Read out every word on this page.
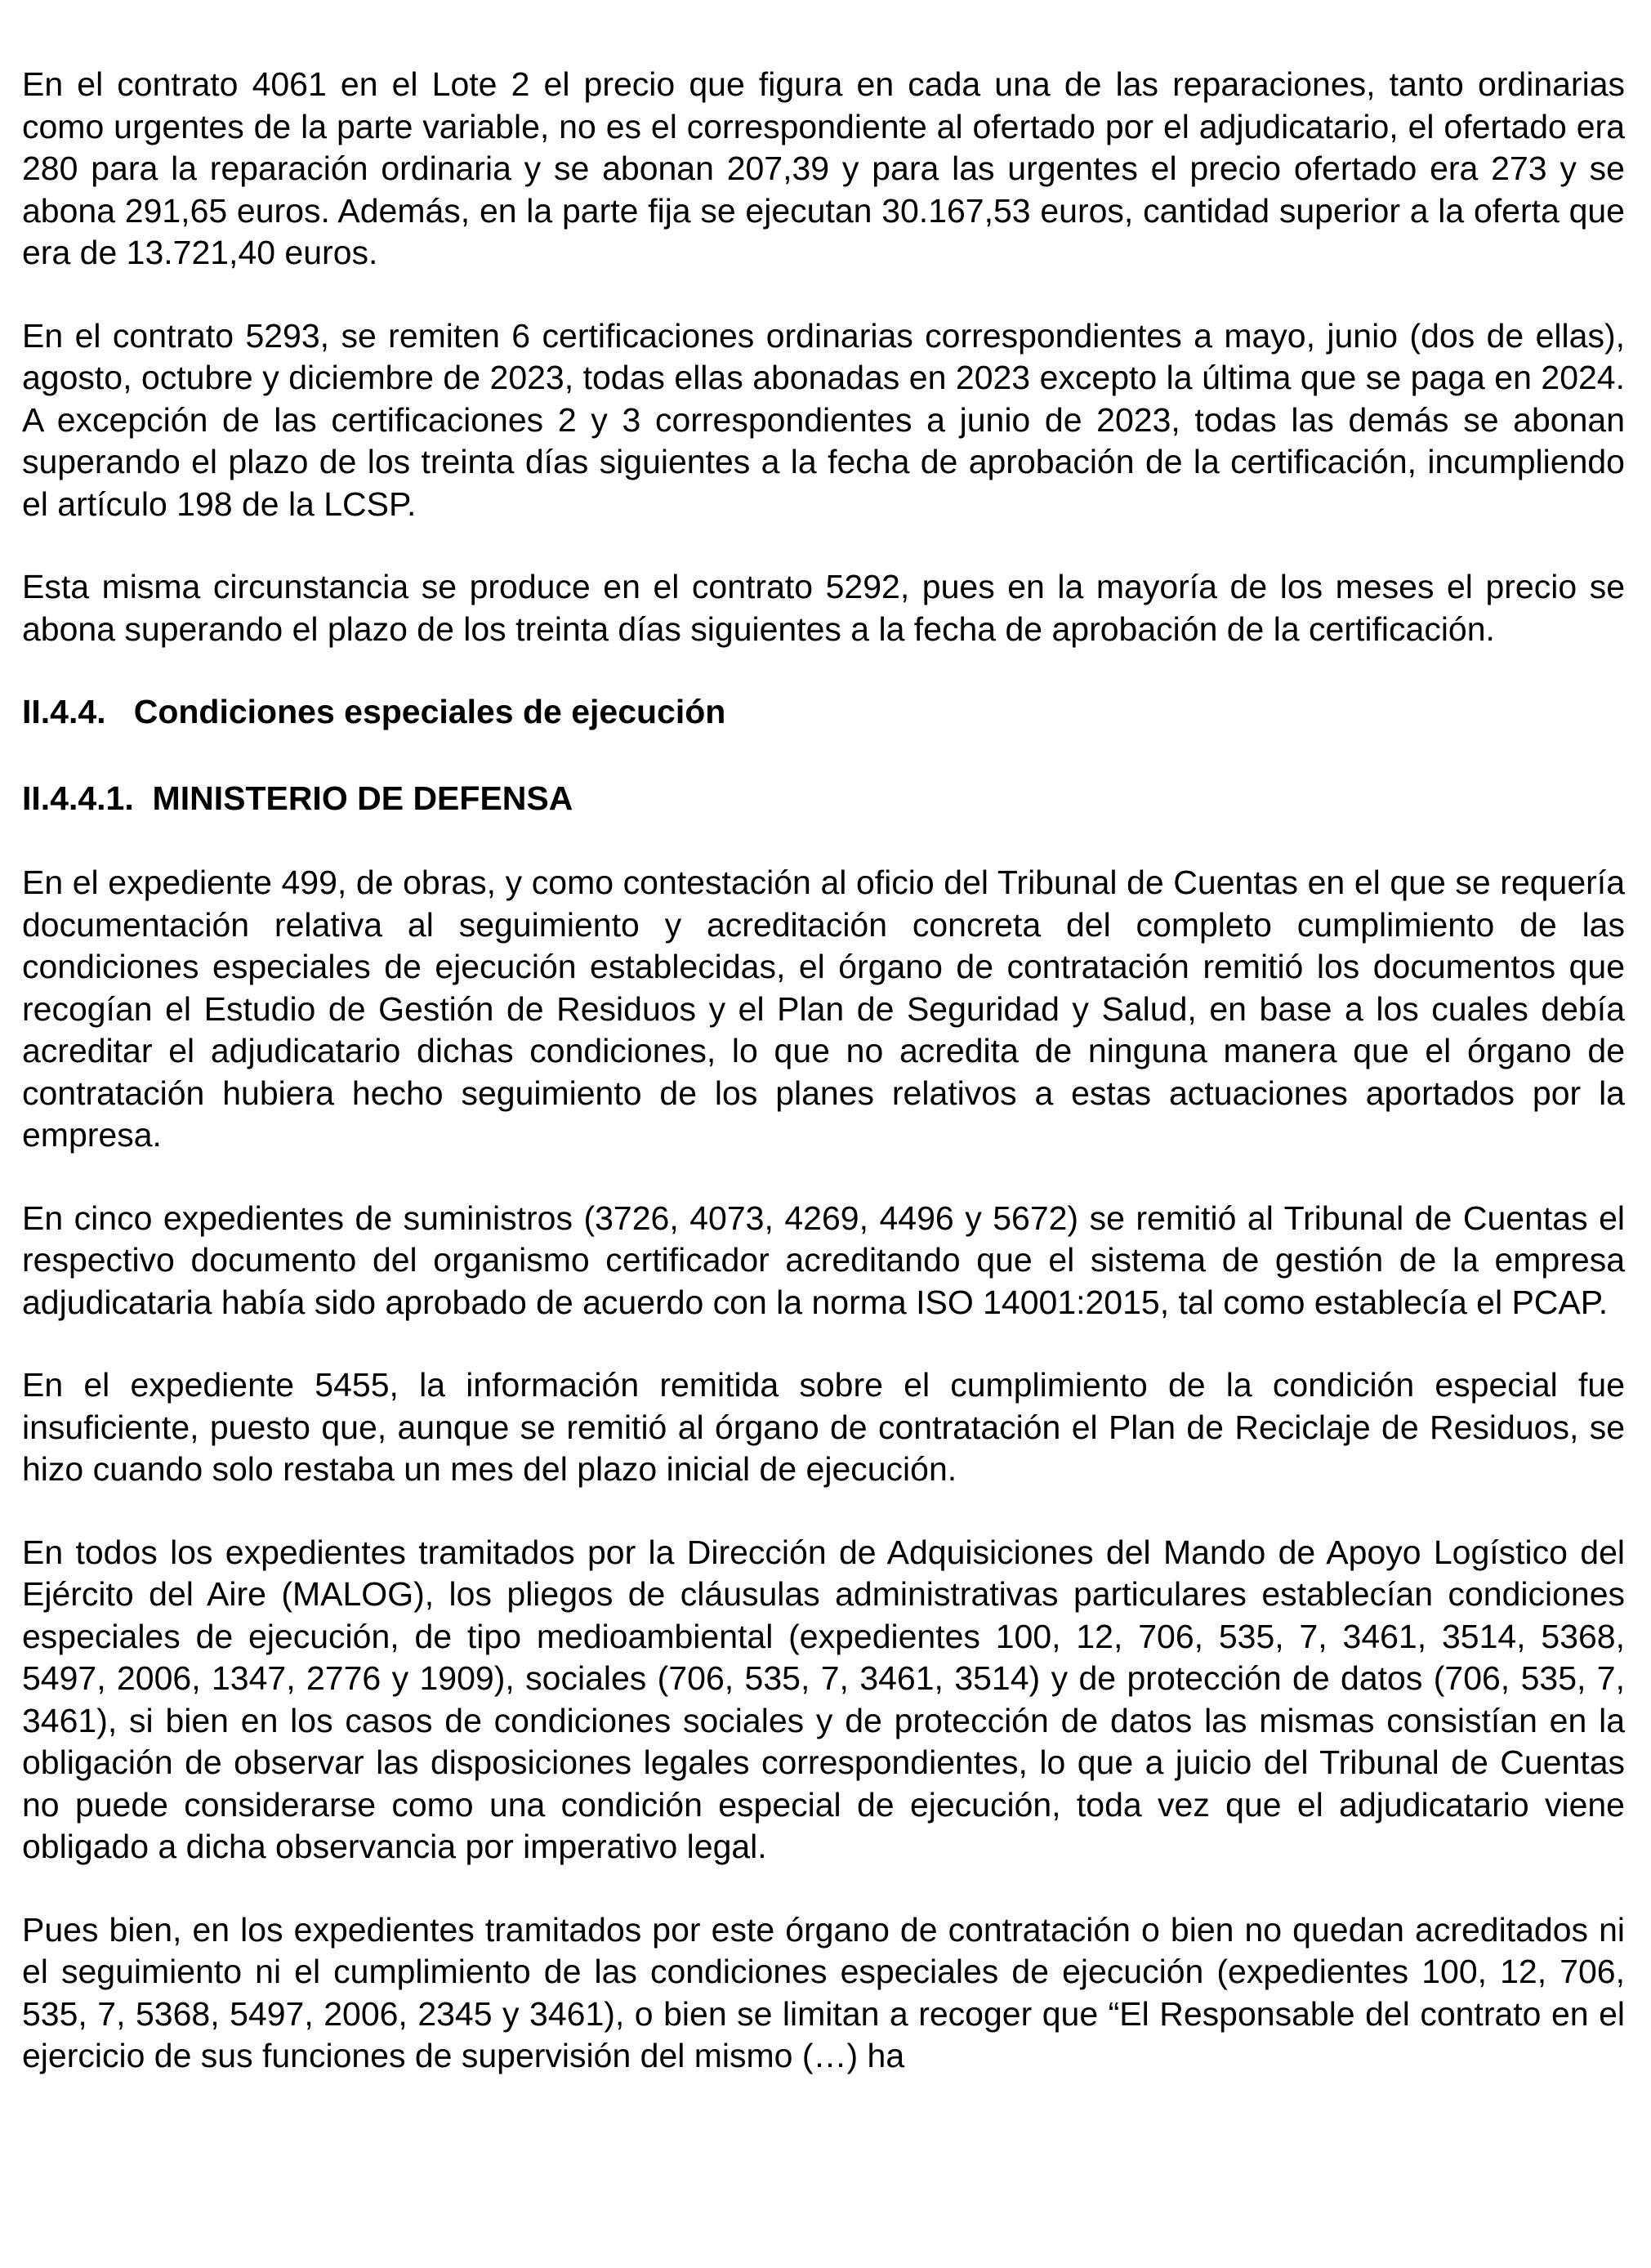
En el contrato 4061 en el Lote 2 el precio que figura en cada una de las reparaciones, tanto ordinarias como urgentes de la parte variable, no es el correspondiente al ofertado por el adjudicatario, el ofertado era 280 para la reparación ordinaria y se abonan 207,39 y para las urgentes el precio ofertado era 273 y se abona 291,65 euros. Además, en la parte fija se ejecutan 30.167,53 euros, cantidad superior a la oferta que era de 13.721,40 euros.

En el contrato 5293, se remiten 6 certificaciones ordinarias correspondientes a mayo, junio (dos de ellas), agosto, octubre y diciembre de 2023, todas ellas abonadas en 2023 excepto la última que se paga en 2024. A excepción de las certificaciones 2 y 3 correspondientes a junio de 2023, todas las demás se abonan superando el plazo de los treinta días siguientes a la fecha de aprobación de la certificación, incumpliendo el artículo 198 de la LCSP.

Esta misma circunstancia se produce en el contrato 5292, pues en la mayoría de los meses el precio se abona superando el plazo de los treinta días siguientes a la fecha de aprobación de la certificación.

II.4.4.   Condiciones especiales de ejecución
II.4.4.1.  MINISTERIO DE DEFENSA

En el expediente 499, de obras, y como contestación al oficio del Tribunal de Cuentas en el que se requería documentación relativa al seguimiento y acreditación concreta del completo cumplimiento de las condiciones especiales de ejecución establecidas, el órgano de contratación remitió los documentos que recogían el Estudio de Gestión de Residuos y el Plan de Seguridad y Salud, en base a los cuales debía acreditar el adjudicatario dichas condiciones, lo que no acredita de ninguna manera que el órgano de contratación hubiera hecho seguimiento de los planes relativos a estas actuaciones aportados por la empresa.

En cinco expedientes de suministros (3726, 4073, 4269, 4496 y 5672) se remitió al Tribunal de Cuentas el respectivo documento del organismo certificador acreditando que el sistema de gestión de la empresa adjudicataria había sido aprobado de acuerdo con la norma ISO 14001:2015, tal como establecía el PCAP.

En el expediente 5455, la información remitida sobre el cumplimiento de la condición especial fue insuficiente, puesto que, aunque se remitió al órgano de contratación el Plan de Reciclaje de Residuos, se hizo cuando solo restaba un mes del plazo inicial de ejecución.

En todos los expedientes tramitados por la Dirección de Adquisiciones del Mando de Apoyo Logístico del Ejército del Aire (MALOG), los pliegos de cláusulas administrativas particulares establecían condiciones especiales de ejecución, de tipo medioambiental (expedientes 100, 12, 706, 535, 7, 3461, 3514, 5368, 5497, 2006, 1347, 2776 y 1909), sociales (706, 535, 7, 3461, 3514) y de protección de datos (706, 535, 7, 3461), si bien en los casos de condiciones sociales y de protección de datos las mismas consistían en la obligación de observar las disposiciones legales correspondientes, lo que a juicio del Tribunal de Cuentas no puede considerarse como una condición especial de ejecución, toda vez que el adjudicatario viene obligado a dicha observancia por imperativo legal.

Pues bien, en los expedientes tramitados por este órgano de contratación o bien no quedan acreditados ni el seguimiento ni el cumplimiento de las condiciones especiales de ejecución (expedientes 100, 12, 706, 535, 7, 5368, 5497, 2006, 2345 y 3461), o bien se limitan a recoger que “El Responsable del contrato en el ejercicio de sus funciones de supervisión del mismo (…) ha
